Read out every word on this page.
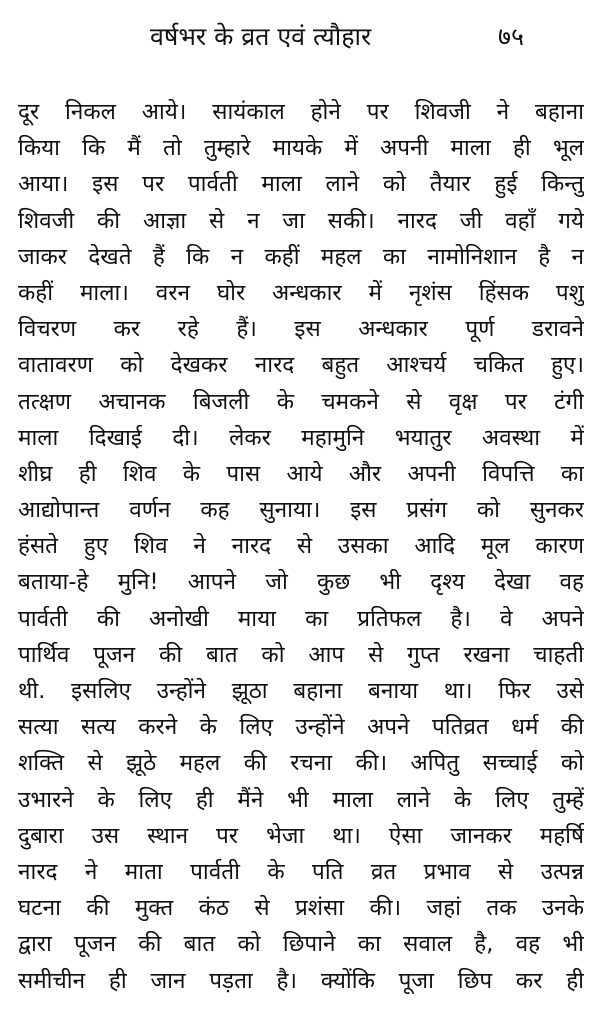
वर्षभर के व्रत एवं त्यौहार	७५
दूर निकल आये। सायंकाल होने पर शिवजी ने बहाना
किया कि मैं तो तुम्हारे मायके में अपनी माला ही भूल
आया। इस पर पार्वती माला लाने को तैयार हुई किन्तु
शिवजी की आज्ञा से न जा सकी। नारद जी वहाँ गये
जाकर देखते हैं कि न कहीं महल का नामोनिशान है न
कहीं माला। वरन घोर अन्धकार में नृशंस हिंसक पशु
विचरण कर रहे हैं। इस अन्धकार पूर्ण डरावने
वातावरण को देखकर नारद बहुत आश्चर्य चकित हुए।
तत्क्षण अचानक बिजली के चमकने से वृक्ष पर टंगी
माला दिखाई दी। लेकर महामुनि भयातुर अवस्था में
शीघ्र ही शिव के पास आये और अपनी विपत्ति का
आद्योपान्त वर्णन कह सुनाया। इस प्रसंग को सुनकर
हंसते हुए शिव ने नारद से उसका आदि मूल कारण
बताया-हे मुनि! आपने जो कुछ भी दृश्य देखा वह
पार्वती की अनोखी माया का प्रतिफल है। वे अपने
पार्थिव पूजन की बात को आप से गुप्त रखना चाहती
थी. इसलिए उन्होंने झूठा बहाना बनाया था। फिर उसे
सत्या सत्य करने के लिए उन्होंने अपने पतिव्रत धर्म की
शक्ति से झूठे महल की रचना की। अपितु सच्चाई को
उभारने के लिए ही मैंने भी माला लाने के लिए तुम्हें
दुबारा उस स्थान पर भेजा था। ऐसा जानकर महर्षि
नारद ने माता पार्वती के पति व्रत प्रभाव से उत्पन्न
घटना की मुक्त कंठ से प्रशंसा की। जहां तक उनके
द्वारा पूजन की बात को छिपाने का सवाल है, वह भी
समीचीन ही जान पड़ता है। क्योंकि पूजा छिप कर ही
